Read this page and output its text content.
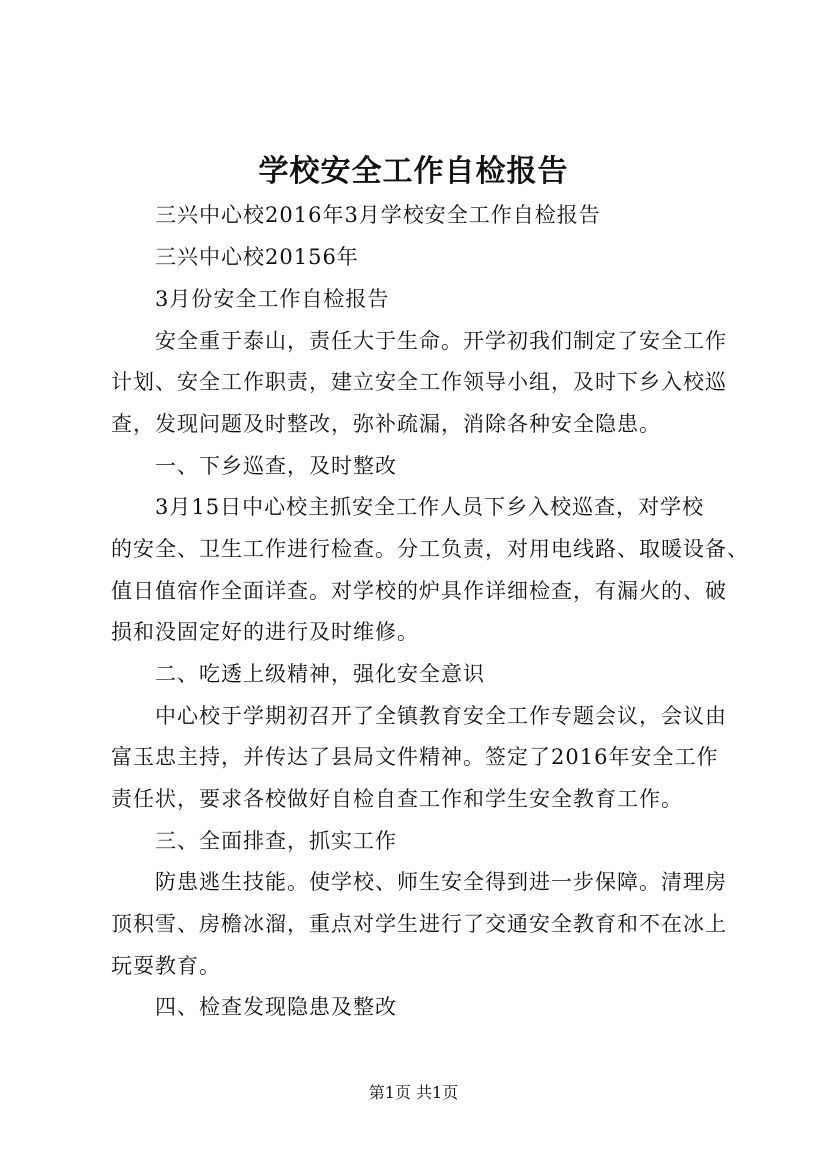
学校安全工作自检报告
三兴中心校2016年3月学校安全工作自检报告
三兴中心校20156年
3月份安全工作自检报告
安全重于泰山，责任大于生命。开学初我们制定了安全工作
计划、安全工作职责，建立安全工作领导小组，及时下乡入校巡
查，发现问题及时整改，弥补疏漏，消除各种安全隐患。
一、下乡巡查，及时整改
3月15日中心校主抓安全工作人员下乡入校巡查，对学校
的安全、卫生工作进行检查。分工负责，对用电线路、取暖设备、
值日值宿作全面详查。对学校的炉具作详细检查，有漏火的、破
损和没固定好的进行及时维修。
二、吃透上级精神，强化安全意识
中心校于学期初召开了全镇教育安全工作专题会议，会议由
富玉忠主持，并传达了县局文件精神。签定了2016年安全工作
责任状，要求各校做好自检自查工作和学生安全教育工作。
三、全面排查，抓实工作
防患逃生技能。使学校、师生安全得到进一步保障。清理房
顶积雪、房檐冰溜，重点对学生进行了交通安全教育和不在冰上
玩耍教育。
四、检查发现隐患及整改
第1页 共1页
